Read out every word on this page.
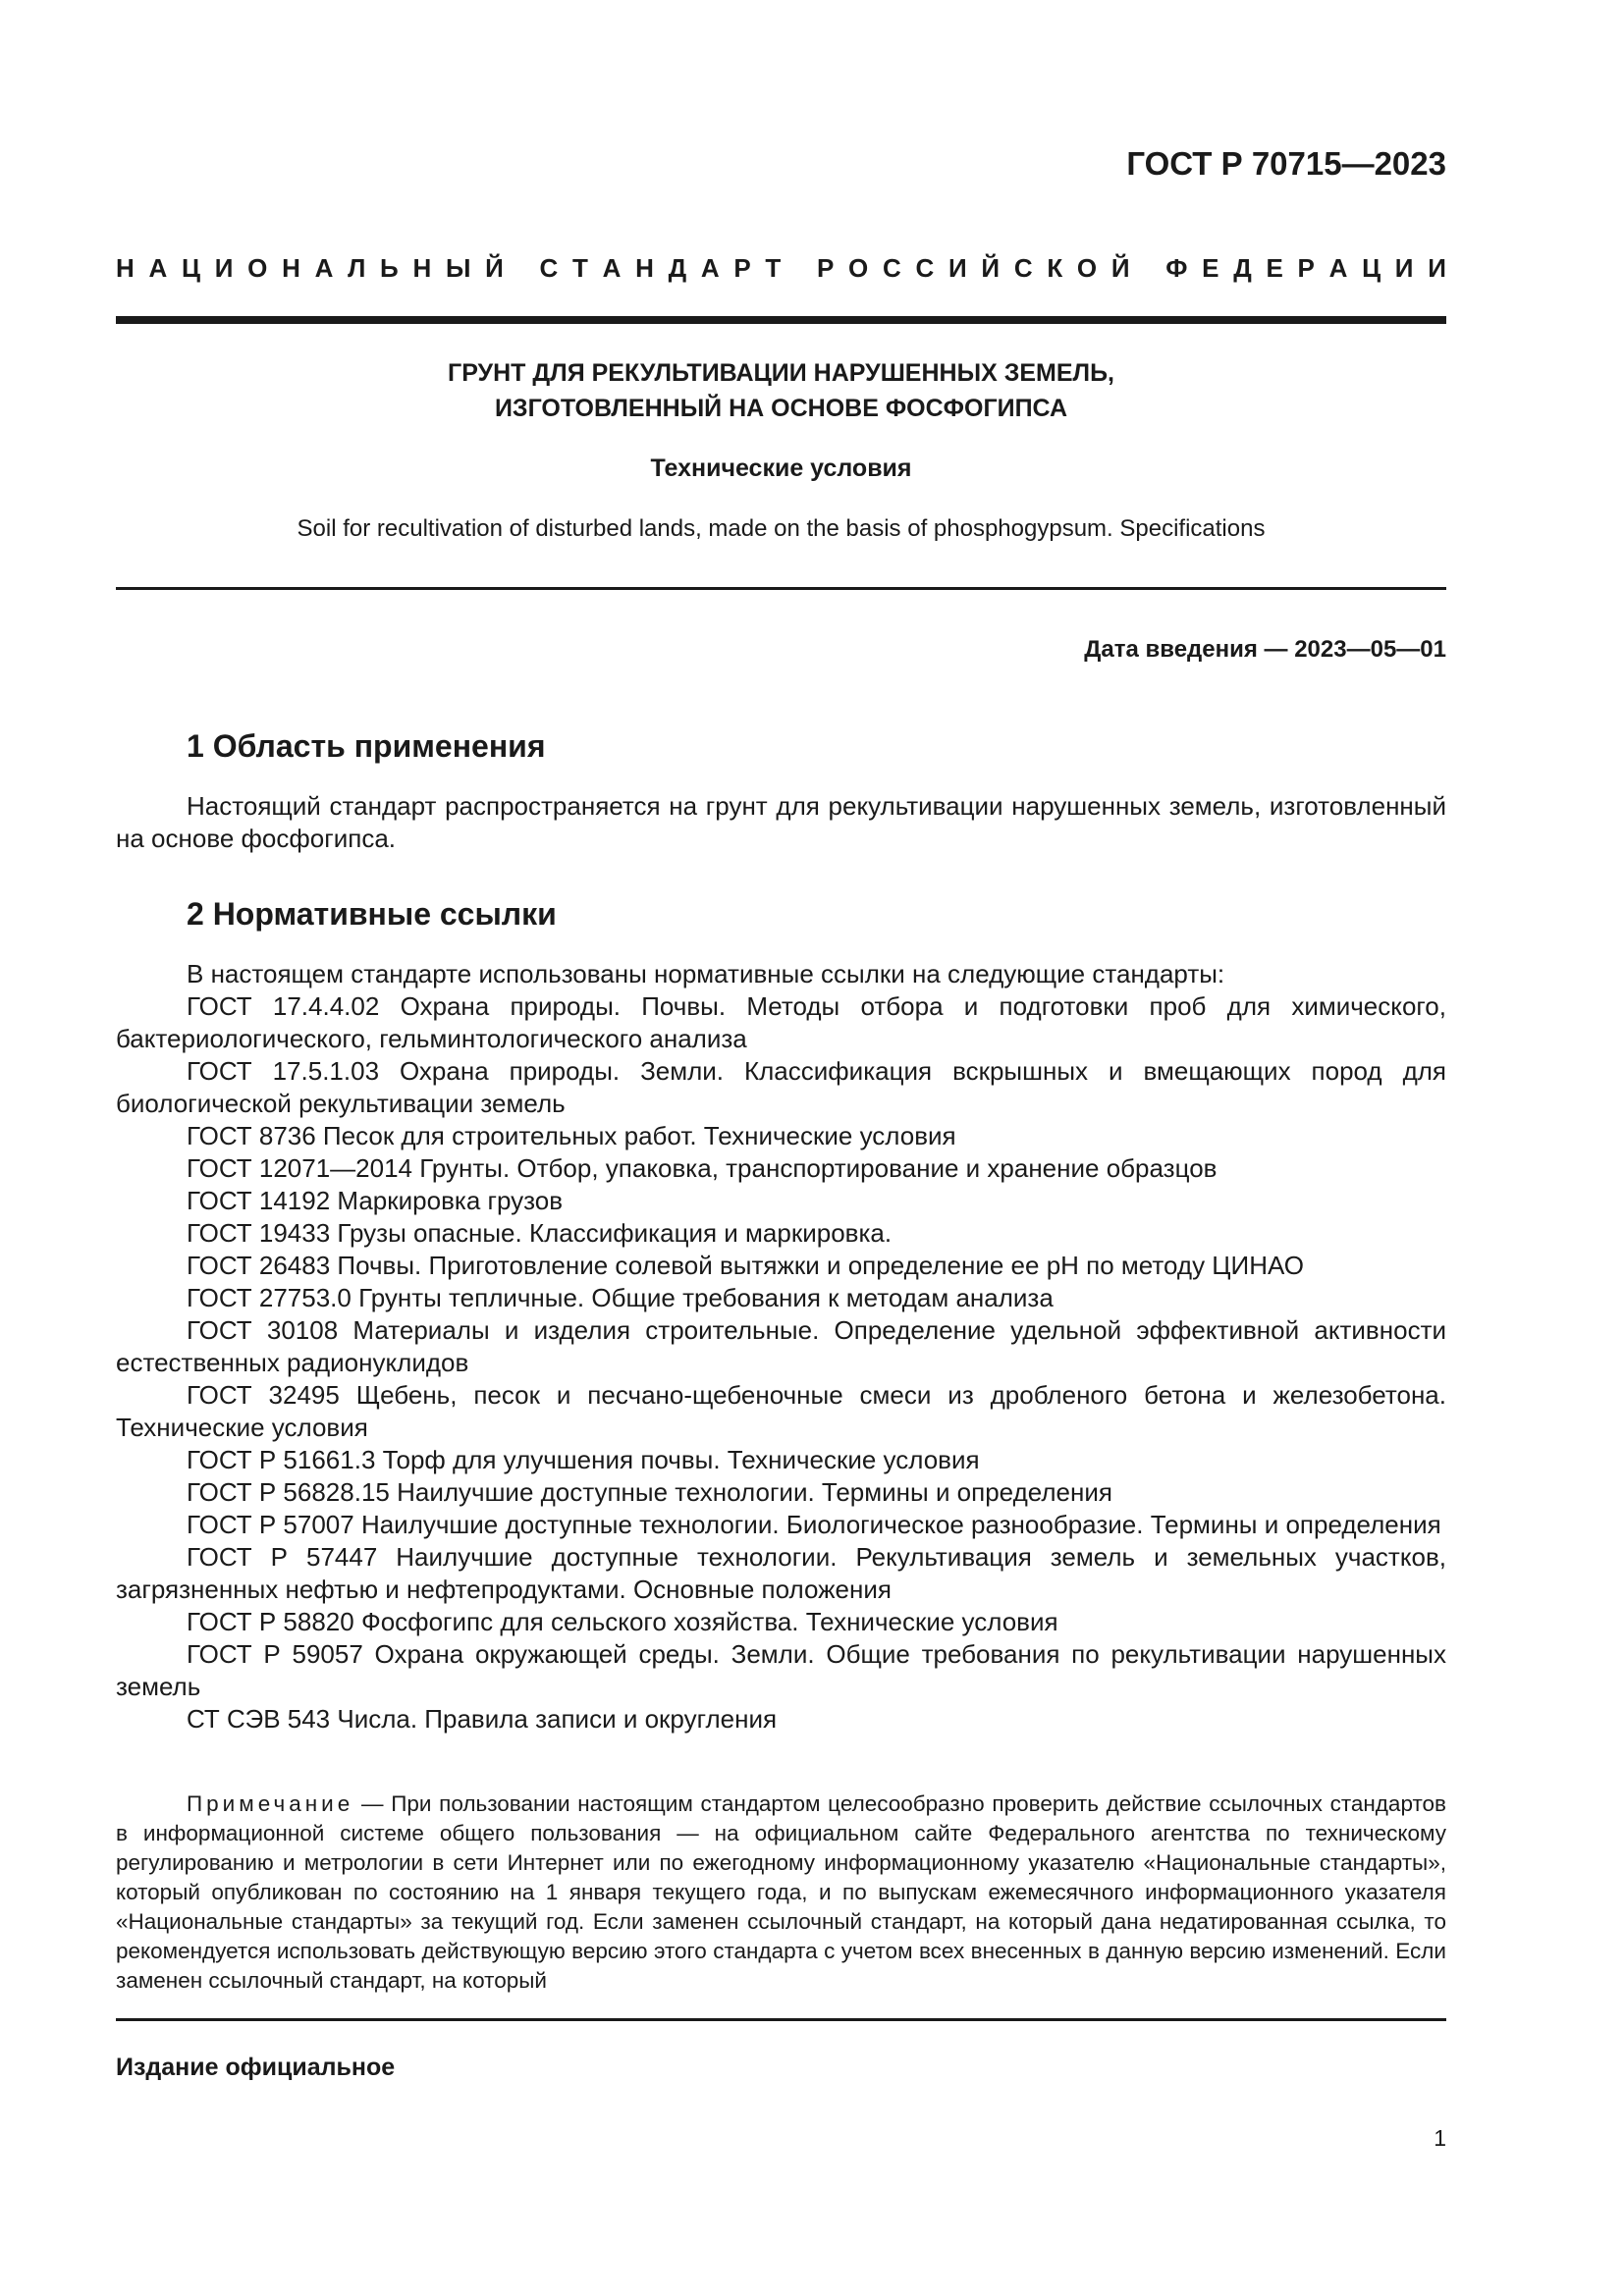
ГОСТ Р 70715—2023
Н А Ц И О Н А Л Ь Н Ы Й
С Т А Н Д А Р Т
Р О С С И Й С К О Й
Ф Е Д Е Р А Ц И И
ГРУНТ ДЛЯ РЕКУЛЬТИВАЦИИ НАРУШЕННЫХ ЗЕМЕЛЬ,
ИЗГОТОВЛЕННЫЙ НА ОСНОВЕ ФОСФОГИПСА
Технические условия
Soil for recultivation of disturbed lands, made on the basis of phosphogypsum. Specifications
Дата введения — 2023—05—01
1 Область применения

Настоящий стандарт распространяется на грунт для рекультивации нарушенных земель, изготовленный на основе фосфогипса.

2 Нормативные ссылки

В настоящем стандарте использованы нормативные ссылки на следующие стандарты:

ГОСТ 17.4.4.02 Охрана природы. Почвы. Методы отбора и подготовки проб для химического, бактериологического, гельминтологического анализа

ГОСТ 17.5.1.03 Охрана природы. Земли. Классификация вскрышных и вмещающих пород для биологической рекультивации земель

ГОСТ 8736 Песок для строительных работ. Технические условия

ГОСТ 12071—2014 Грунты. Отбор, упаковка, транспортирование и хранение образцов

ГОСТ 14192 Маркировка грузов

ГОСТ 19433 Грузы опасные. Классификация и маркировка.

ГОСТ 26483 Почвы. Приготовление солевой вытяжки и определение ее pH по методу ЦИНАО

ГОСТ 27753.0 Грунты тепличные. Общие требования к методам анализа

ГОСТ 30108 Материалы и изделия строительные. Определение удельной эффективной активности естественных радионуклидов

ГОСТ 32495 Щебень, песок и песчано-щебеночные смеси из дробленого бетона и железобетона. Технические условия

ГОСТ Р 51661.3 Торф для улучшения почвы. Технические условия

ГОСТ Р 56828.15 Наилучшие доступные технологии. Термины и определения

ГОСТ Р 57007 Наилучшие доступные технологии. Биологическое разнообразие. Термины и определения

ГОСТ Р 57447 Наилучшие доступные технологии. Рекультивация земель и земельных участков, загрязненных нефтью и нефтепродуктами. Основные положения

ГОСТ Р 58820 Фосфогипс для сельского хозяйства. Технические условия

ГОСТ Р 59057 Охрана окружающей среды. Земли. Общие требования по рекультивации нарушенных земель

СТ СЭВ 543 Числа. Правила записи и округления

Примечание — При пользовании настоящим стандартом целесообразно проверить действие ссылочных стандартов в информационной системе общего пользования — на официальном сайте Федерального агентства по техническому регулированию и метрологии в сети Интернет или по ежегодному информационному указателю «Национальные стандарты», который опубликован по состоянию на 1 января текущего года, и по выпускам ежемесячного информационного указателя «Национальные стандарты» за текущий год. Если заменен ссылочный стандарт, на который дана недатированная ссылка, то рекомендуется использовать действующую версию этого стандарта с учетом всех внесенных в данную версию изменений. Если заменен ссылочный стандарт, на который
Издание официальное
1
